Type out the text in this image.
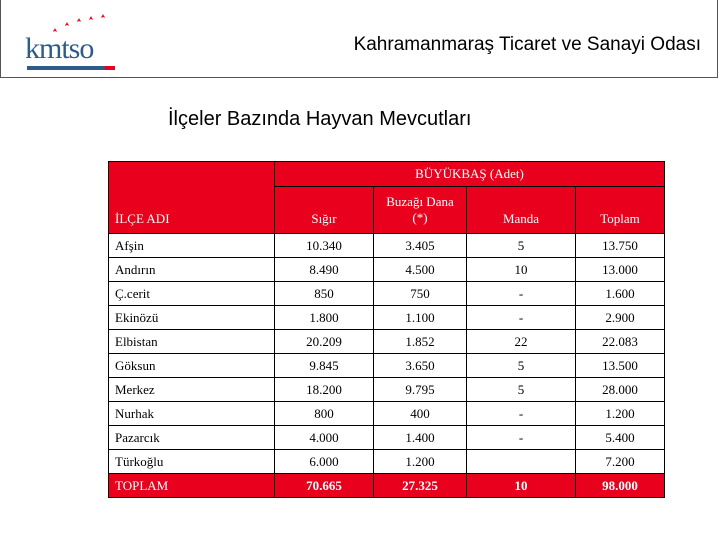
kmtso	Kahramanmaraş Ticaret ve Sanayi Odası
İlçeler Bazında Hayvan Mevcutları
İLÇE ADI	BÜYÜKBAŞ (Adet)			
	Sığır	Buzağı Dana (*)	Manda	Toplam
Afşin	10.340	3.405	5	13.750
Andırın	8.490	4.500	10	13.000
Ç.cerit	850	750	-	1.600
Ekinözü	1.800	1.100	-	2.900
Elbistan	20.209	1.852	22	22.083
Göksun	9.845	3.650	5	13.500
Merkez	18.200	9.795	5	28.000
Nurhak	800	400	-	1.200
Pazarcık	4.000	1.400	-	5.400
Türkoğlu	6.000	1.200		7.200
TOPLAM	70.665	27.325	10	98.000
